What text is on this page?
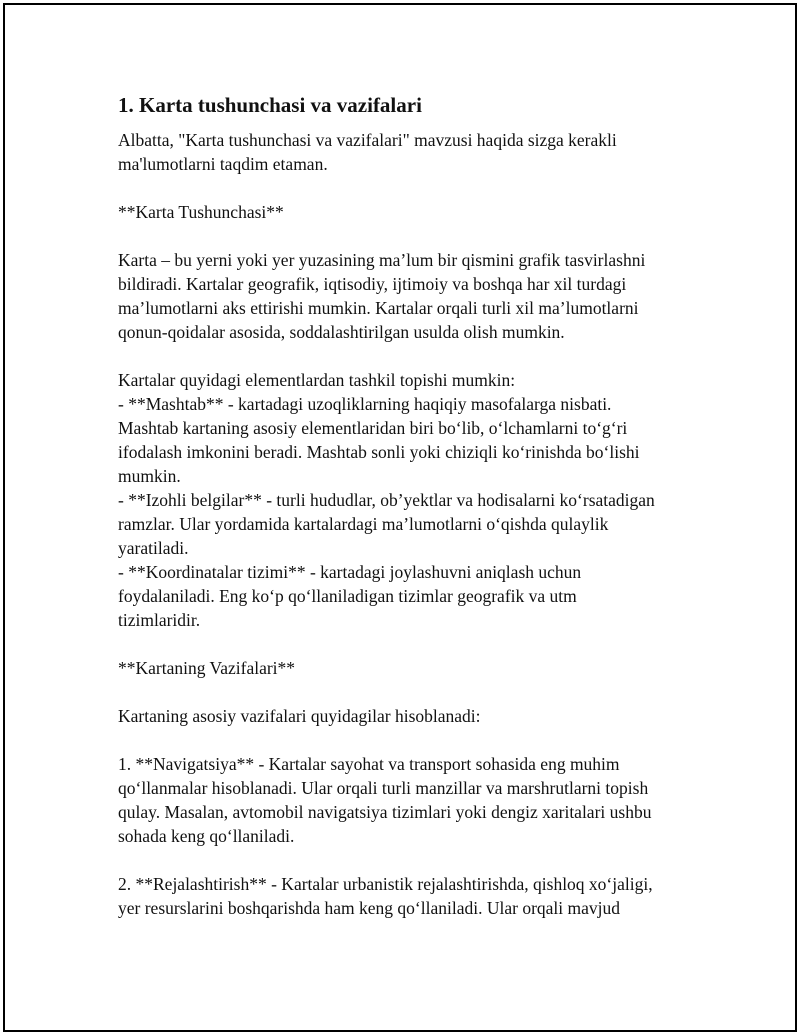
1. Karta tushunchasi va vazifalari
Albatta, "Karta tushunchasi va vazifalari" mavzusi haqida sizga kerakli
ma'lumotlarni taqdim etaman.
**Karta Tushunchasi**
Karta – bu yerni yoki yer yuzasining ma’lum bir qismini grafik tasvirlashni
bildiradi. Kartalar geografik, iqtisodiy, ijtimoiy va boshqa har xil turdagi
ma’lumotlarni aks ettirishi mumkin. Kartalar orqali turli xil ma’lumotlarni
qonun-qoidalar asosida, soddalashtirilgan usulda olish mumkin.
Kartalar quyidagi elementlardan tashkil topishi mumkin:
- **Mashtab** - kartadagi uzoqliklarning haqiqiy masofalarga nisbati.
Mashtab kartaning asosiy elementlaridan biri bo‘lib, o‘lchamlarni to‘g‘ri
ifodalash imkonini beradi. Mashtab sonli yoki chiziqli ko‘rinishda bo‘lishi
mumkin.
- **Izohli belgilar** - turli hududlar, ob’yektlar va hodisalarni ko‘rsatadigan
ramzlar. Ular yordamida kartalardagi ma’lumotlarni o‘qishda qulaylik
yaratiladi.
- **Koordinatalar tizimi** - kartadagi joylashuvni aniqlash uchun
foydalaniladi. Eng ko‘p qo‘llaniladigan tizimlar geografik va utm
tizimlaridir.
**Kartaning Vazifalari**
Kartaning asosiy vazifalari quyidagilar hisoblanadi:
1. **Navigatsiya** - Kartalar sayohat va transport sohasida eng muhim
qo‘llanmalar hisoblanadi. Ular orqali turli manzillar va marshrutlarni topish
qulay. Masalan, avtomobil navigatsiya tizimlari yoki dengiz xaritalari ushbu
sohada keng qo‘llaniladi.
2. **Rejalashtirish** - Kartalar urbanistik rejalashtirishda, qishloq xo‘jaligi,
yer resurslarini boshqarishda ham keng qo‘llaniladi. Ular orqali mavjud
